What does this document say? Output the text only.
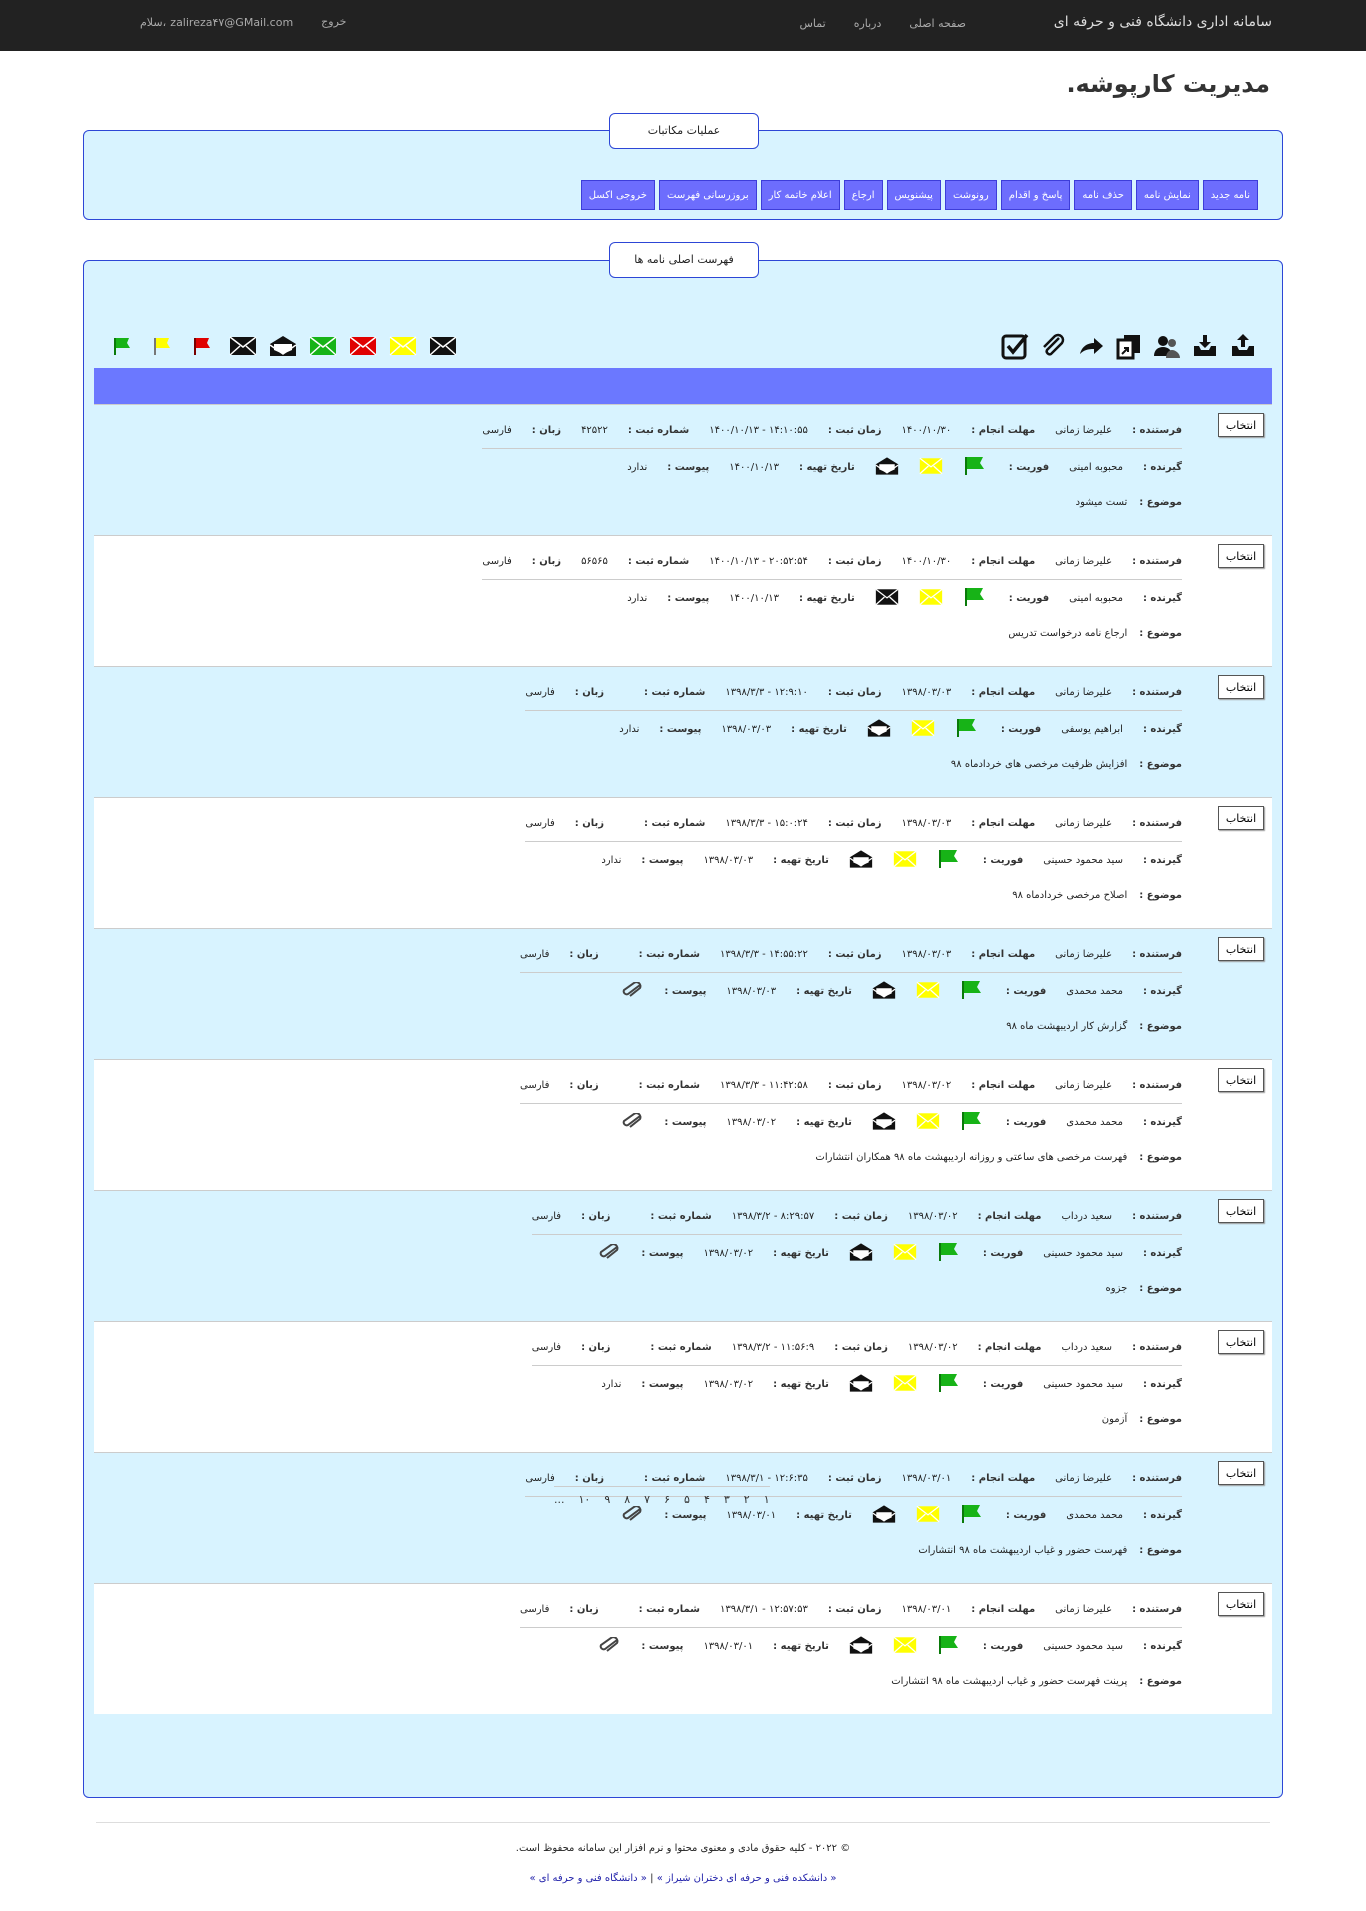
سامانه اداری دانشگاه فنی و حرفه ای
صفحه اصلی
درباره
تماس
سلام، zalireza۴۷@GMail.com	خروج
مدیریت کارپوشه.
عملیات مکاتبات
نامه جدید
نمایش نامه
حذف نامه
پاسخ و اقدام
رونوشت
پیشنویس
ارجاع
اعلام خاتمه کار
بروزرسانی فهرست
خروجی اکسل
فهرست اصلی نامه ها
انتخاب
فرستنده :
علیرضا زمانی
مهلت انجام :
۱۴۰۰/۱۰/۳۰
زمان ثبت :
۱۴:۱۰:۵۵ - ۱۴۰۰/۱۰/۱۳
شماره ثبت :
۴۲۵۲۲
زبان :
فارسی
گیرنده :
محبوبه امینی
فوریت :
تاریخ تهیه :
۱۴۰۰/۱۰/۱۳
پیوست :
ندارد
موضوع :
تست میشود
انتخاب
فرستنده :
علیرضا زمانی
مهلت انجام :
۱۴۰۰/۱۰/۳۰
زمان ثبت :
۲۰:۵۲:۵۴ - ۱۴۰۰/۱۰/۱۳
شماره ثبت :
۵۶۵۶۵
زبان :
فارسی
گیرنده :
محبوبه امینی
فوریت :
تاریخ تهیه :
۱۴۰۰/۱۰/۱۳
پیوست :
ندارد
موضوع :
ارجاع نامه درخواست تدریس
انتخاب
فرستنده :
علیرضا زمانی
مهلت انجام :
۱۳۹۸/۰۳/۰۳
زمان ثبت :
۱۲:۹:۱۰ - ۱۳۹۸/۳/۳
شماره ثبت :
زبان :
فارسی
گیرنده :
ابراهیم یوسفی
فوریت :
تاریخ تهیه :
۱۳۹۸/۰۳/۰۳
پیوست :
ندارد
موضوع :
افزایش ظرفیت مرخصی های خردادماه ۹۸
انتخاب
فرستنده :
علیرضا زمانی
مهلت انجام :
۱۳۹۸/۰۳/۰۳
زمان ثبت :
۱۵:۰:۲۴ - ۱۳۹۸/۳/۳
شماره ثبت :
زبان :
فارسی
گیرنده :
سید محمود حسینی
فوریت :
تاریخ تهیه :
۱۳۹۸/۰۳/۰۳
پیوست :
ندارد
موضوع :
اصلاح مرخصی خردادماه ۹۸
انتخاب
فرستنده :
علیرضا زمانی
مهلت انجام :
۱۳۹۸/۰۳/۰۳
زمان ثبت :
۱۴:۵۵:۲۲ - ۱۳۹۸/۳/۳
شماره ثبت :
زبان :
فارسی
گیرنده :
محمد محمدی
فوریت :
تاریخ تهیه :
۱۳۹۸/۰۳/۰۳
پیوست :
موضوع :
گزارش کار اردیبهشت ماه ۹۸
انتخاب
فرستنده :
علیرضا زمانی
مهلت انجام :
۱۳۹۸/۰۳/۰۲
زمان ثبت :
۱۱:۴۲:۵۸ - ۱۳۹۸/۳/۳
شماره ثبت :
زبان :
فارسی
گیرنده :
محمد محمدی
فوریت :
تاریخ تهیه :
۱۳۹۸/۰۳/۰۲
پیوست :
موضوع :
فهرست مرخصی های ساعتی و روزانه اردیبهشت ماه ۹۸ همکاران انتشارات
انتخاب
فرستنده :
سعید درداب
مهلت انجام :
۱۳۹۸/۰۳/۰۲
زمان ثبت :
۸:۲۹:۵۷ - ۱۳۹۸/۳/۲
شماره ثبت :
زبان :
فارسی
گیرنده :
سید محمود حسینی
فوریت :
تاریخ تهیه :
۱۳۹۸/۰۳/۰۲
پیوست :
موضوع :
جزوه
انتخاب
فرستنده :
سعید درداب
مهلت انجام :
۱۳۹۸/۰۳/۰۲
زمان ثبت :
۱۱:۵۶:۹ - ۱۳۹۸/۳/۲
شماره ثبت :
زبان :
فارسی
گیرنده :
سید محمود حسینی
فوریت :
تاریخ تهیه :
۱۳۹۸/۰۳/۰۲
پیوست :
ندارد
موضوع :
آزمون
انتخاب
فرستنده :
علیرضا زمانی
مهلت انجام :
۱۳۹۸/۰۳/۰۱
زمان ثبت :
۱۲:۶:۳۵ - ۱۳۹۸/۳/۱
شماره ثبت :
زبان :
فارسی
گیرنده :
محمد محمدی
فوریت :
تاریخ تهیه :
۱۳۹۸/۰۳/۰۱
پیوست :
موضوع :
فهرست حضور و غیاب اردیبهشت ماه ۹۸ انتشارات
انتخاب
فرستنده :
علیرضا زمانی
مهلت انجام :
۱۳۹۸/۰۳/۰۱
زمان ثبت :
۱۲:۵۷:۵۳ - ۱۳۹۸/۳/۱
شماره ثبت :
زبان :
فارسی
گیرنده :
سید محمود حسینی
فوریت :
تاریخ تهیه :
۱۳۹۸/۰۳/۰۱
پیوست :
موضوع :
پرینت فهرست حضور و غیاب اردیبهشت ماه ۹۸ انتشارات
۱
۲
۳
۴
۵
۶
۷
۸
۹
۱۰
...
© ۲۰۲۲ - کلیه حقوق مادی و معنوی محتوا و نرم افزار این سامانه محفوظ است.
« دانشکده فنی و حرفه ای دختران شیراز » | « دانشگاه فنی و حرفه ای »
